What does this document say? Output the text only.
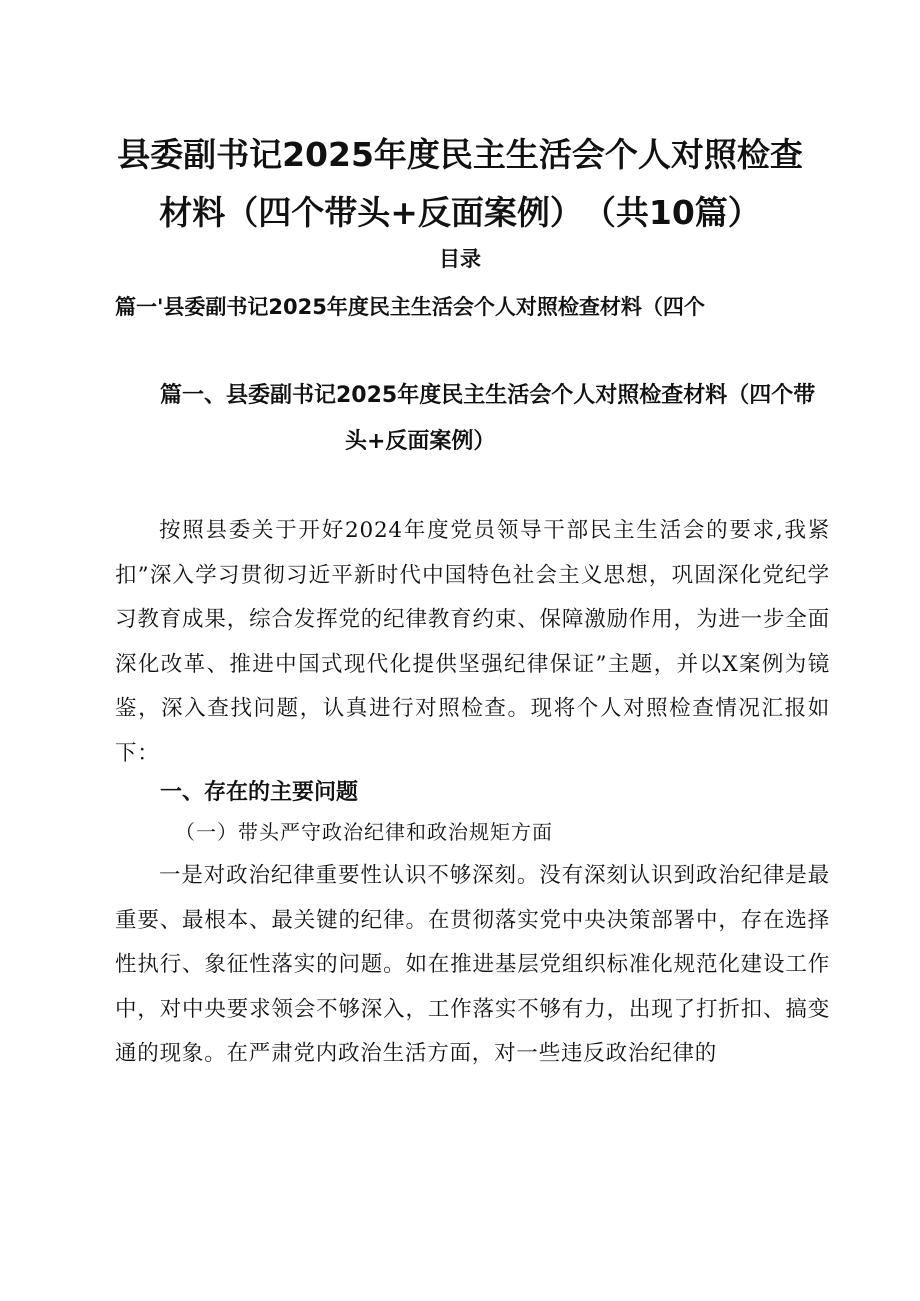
县委副书记2025年度民主生活会个人对照检查
材料（四个带头+反面案例）　（共10篇）
目录
篇一'县委副书记2025年度民主生活会个人对照检查材料（四个
篇一、县委副书记2025年度民主生活会个人对照检查材料（四个带
头+反面案例）
按照县委关于开好2024年度党员领导干部民主生活会的要求,我紧扣”深入学习贯彻习近平新时代中国特色社会主义思想，巩固深化党纪学习教育成果，综合发挥党的纪律教育约束、保障激励作用，为进一步全面深化改革、推进中国式现代化提供坚强纪律保证”主题，并以X案例为镜鉴，深入查找问题，认真进行对照检查。现将个人对照检查情况汇报如下：
一、存在的主要问题
（一）带头严守政治纪律和政治规矩方面
一是对政治纪律重要性认识不够深刻。没有深刻认识到政治纪律是最重要、最根本、最关键的纪律。在贯彻落实党中央决策部署中，存在选择性执行、象征性落实的问题。如在推进基层党组织标准化规范化建设工作中，对中央要求领会不够深入，工作落实不够有力，出现了打折扣、搞变通的现象。在严肃党内政治生活方面，对一些违反政治纪律的
